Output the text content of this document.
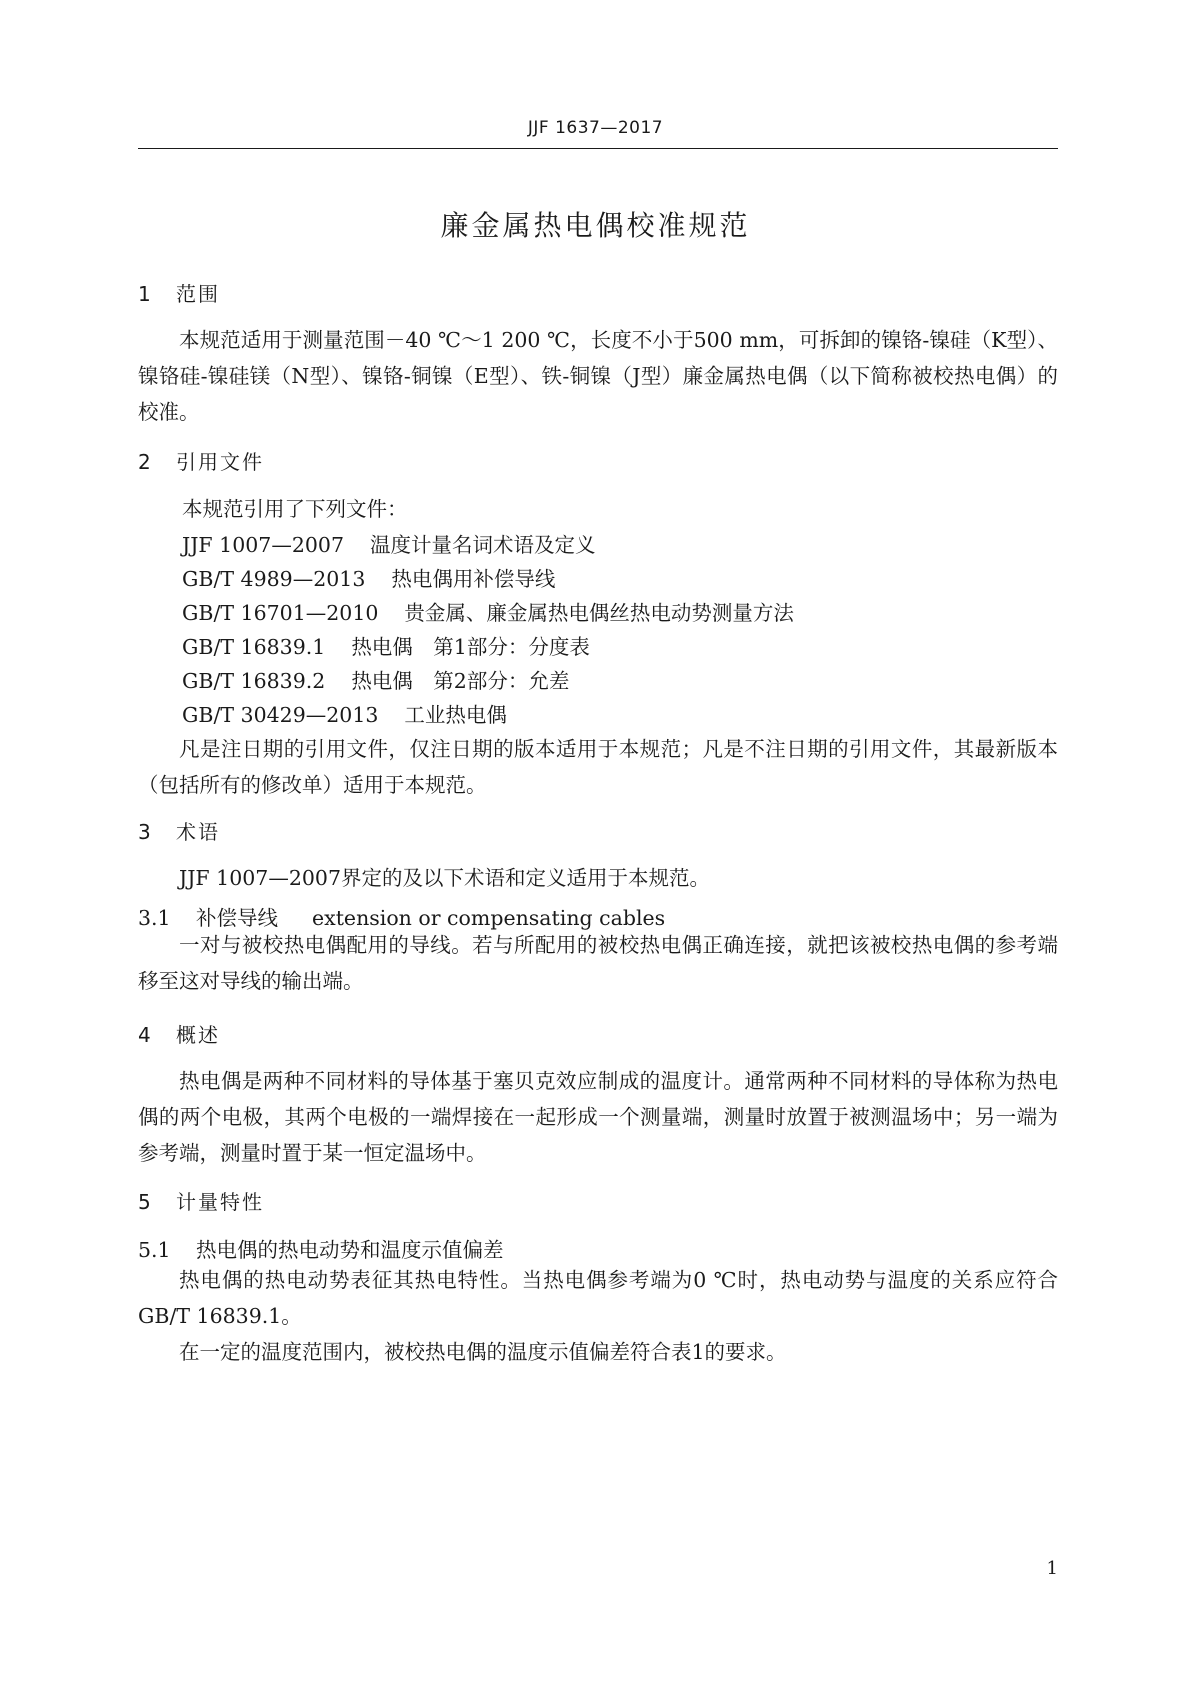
JJF 1637—2017
廉金属热电偶校准规范
1 范围
本规范适用于测量范围－40 ℃～1 200 ℃，长度不小于500 mm，可拆卸的镍铬-镍硅（K型）、镍铬硅-镍硅镁（N型）、镍铬-铜镍（E型）、铁-铜镍（J型）廉金属热电偶（以下简称被校热电偶）的校准。
2 引用文件
本规范引用了下列文件：
JJF 1007—2007 温度计量名词术语及定义
GB/T 4989—2013 热电偶用补偿导线
GB/T 16701—2010 贵金属、廉金属热电偶丝热电动势测量方法
GB/T 16839.1 热电偶　第1部分：分度表
GB/T 16839.2 热电偶　第2部分：允差
GB/T 30429—2013 工业热电偶
凡是注日期的引用文件，仅注日期的版本适用于本规范；凡是不注日期的引用文件，其最新版本（包括所有的修改单）适用于本规范。
3 术语
JJF 1007—2007界定的及以下术语和定义适用于本规范。
3.1 补偿导线 extension or compensating cables
一对与被校热电偶配用的导线。若与所配用的被校热电偶正确连接，就把该被校热电偶的参考端移至这对导线的输出端。
4 概述
热电偶是两种不同材料的导体基于塞贝克效应制成的温度计。通常两种不同材料的导体称为热电偶的两个电极，其两个电极的一端焊接在一起形成一个测量端，测量时放置于被测温场中；另一端为参考端，测量时置于某一恒定温场中。
5 计量特性
5.1 热电偶的热电动势和温度示值偏差
热电偶的热电动势表征其热电特性。当热电偶参考端为0 ℃时，热电动势与温度的关系应符合GB/T 16839.1。
在一定的温度范围内，被校热电偶的温度示值偏差符合表1的要求。
1
